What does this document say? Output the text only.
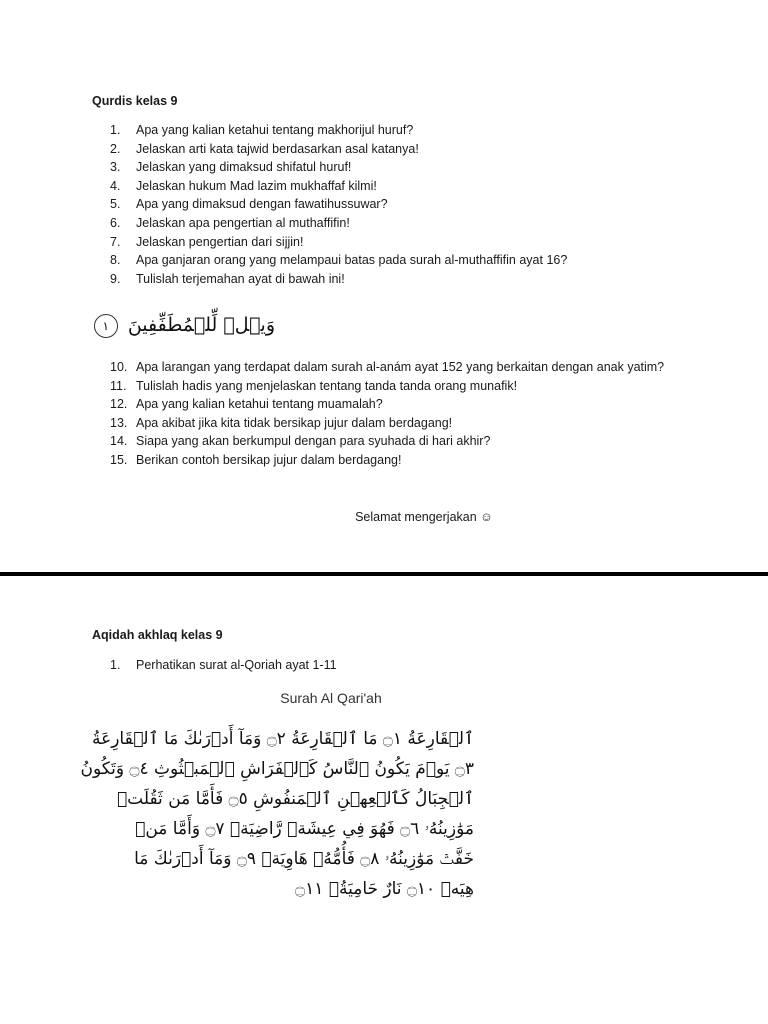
Qurdis kelas 9
1. Apa yang kalian ketahui tentang makhorijul huruf?
2. Jelaskan arti kata tajwid berdasarkan asal katanya!
3. Jelaskan yang dimaksud shifatul huruf!
4. Jelaskan hukum Mad lazim mukhaffaf kilmi!
5. Apa yang dimaksud dengan fawatihussuwar?
6. Jelaskan apa pengertian al muthaffifin!
7. Jelaskan pengertian dari sijjin!
8. Apa ganjaran orang yang melampaui batas pada surah al-muthaffifin ayat 16?
9. Tulislah terjemahan ayat di bawah ini!
وَيۡلٞ لِّلۡمُطَفِّفِينَ ١
10. Apa larangan yang terdapat dalam surah al-anám ayat 152 yang berkaitan dengan anak yatim?
11. Tulislah hadis yang menjelaskan tentang tanda tanda orang munafik!
12. Apa yang kalian ketahui tentang muamalah?
13. Apa akibat jika kita tidak bersikap jujur dalam berdagang!
14. Siapa yang akan berkumpul dengan para syuhada di hari akhir?
15. Berikan contoh bersikap jujur dalam berdagang!
Selamat mengerjakan ☺
Aqidah akhlaq kelas 9
1. Perhatikan surat al-Qoriah ayat 1-11
Surah Al Qari'ah
ٱلۡقَارِعَةُ ۝١ مَا ٱلۡقَارِعَةُ ۝٢ وَمَآ أَدۡرَىٰكَ مَا ٱلۡقَارِعَةُ
۝٣ يَوۡمَ يَكُونُ ٱلنَّاسُ كَٱلۡفَرَاشِ ٱلۡمَبۡثُوثِ ۝٤ وَتَكُونُ
ٱلۡجِبَالُ كَٱلۡعِهۡنِ ٱلۡمَنفُوشِ ۝٥ فَأَمَّا مَن ثَقُلَتۡ
مَوَٰزِينُهُۥ ۝٦ فَهُوَ فِي عِيشَةٖ رَّاضِيَةٖ ۝٧ وَأَمَّا مَنۡ
خَفَّتۡ مَوَٰزِينُهُۥ ۝٨ فَأُمُّهُۥ هَاوِيَةٞ ۝٩ وَمَآ أَدۡرَىٰكَ مَا
هِيَهۡ ۝١٠ نَارٌ حَامِيَةُۢ ۝١١
